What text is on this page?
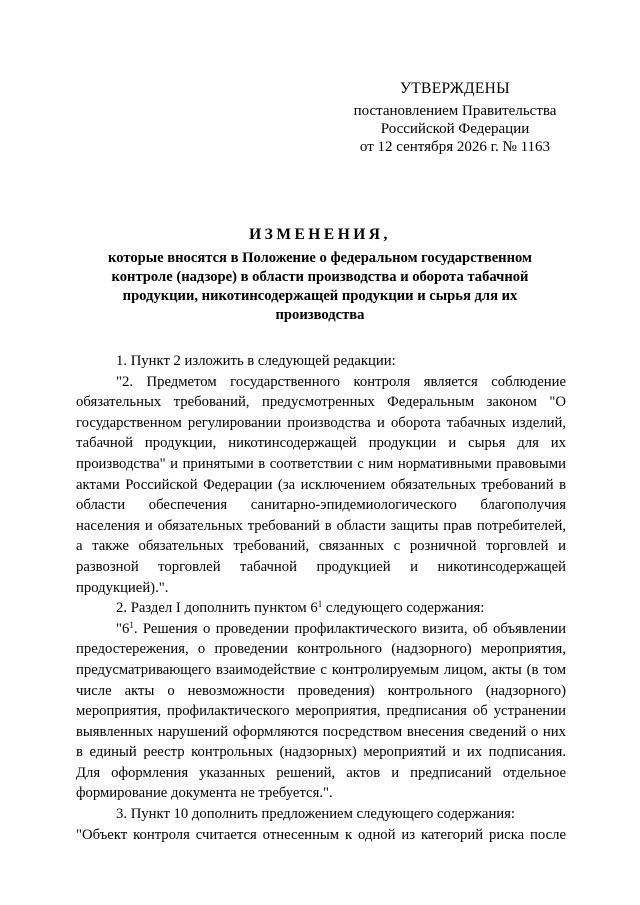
УТВЕРЖДЕНЫ
постановлением Правительства
Российской Федерации
от 12 сентября 2026 г. № 1163
ИЗМЕНЕНИЯ,
которые вносятся в Положение о федеральном государственном контроле (надзоре) в области производства и оборота табачной продукции, никотинсодержащей продукции и сырья для их производства

1. Пункт 2 изложить в следующей редакции:

"2. Предметом государственного контроля является соблюдение обязательных требований, предусмотренных Федеральным законом "О государственном регулировании производства и оборота табачных изделий, табачной продукции, никотинсодержащей продукции и сырья для их производства" и принятыми в соответствии с ним нормативными правовыми актами Российской Федерации (за исключением обязательных требований в области обеспечения санитарно-эпидемиологического благополучия населения и обязательных требований в области защиты прав потребителей, а также обязательных требований, связанных с розничной торговлей и развозной торговлей табачной продукцией и никотинсодержащей продукцией).".

2. Раздел I дополнить пунктом $6^1$ следующего содержания:

"$6^1$. Решения о проведении профилактического визита, об объявлении предостережения, о проведении контрольного (надзорного) мероприятия, предусматривающего взаимодействие с контролируемым лицом, акты (в том числе акты о невозможности проведения) контрольного (надзорного) мероприятия, профилактического мероприятия, предписания об устранении выявленных нарушений оформляются посредством внесения сведений о них в единый реестр контрольных (надзорных) мероприятий и их подписания. Для оформления указанных решений, актов и предписаний отдельное формирование документа не требуется.".

3. Пункт 10 дополнить предложением следующего содержания:

"Объект контроля считается отнесенным к одной из категорий риска после
